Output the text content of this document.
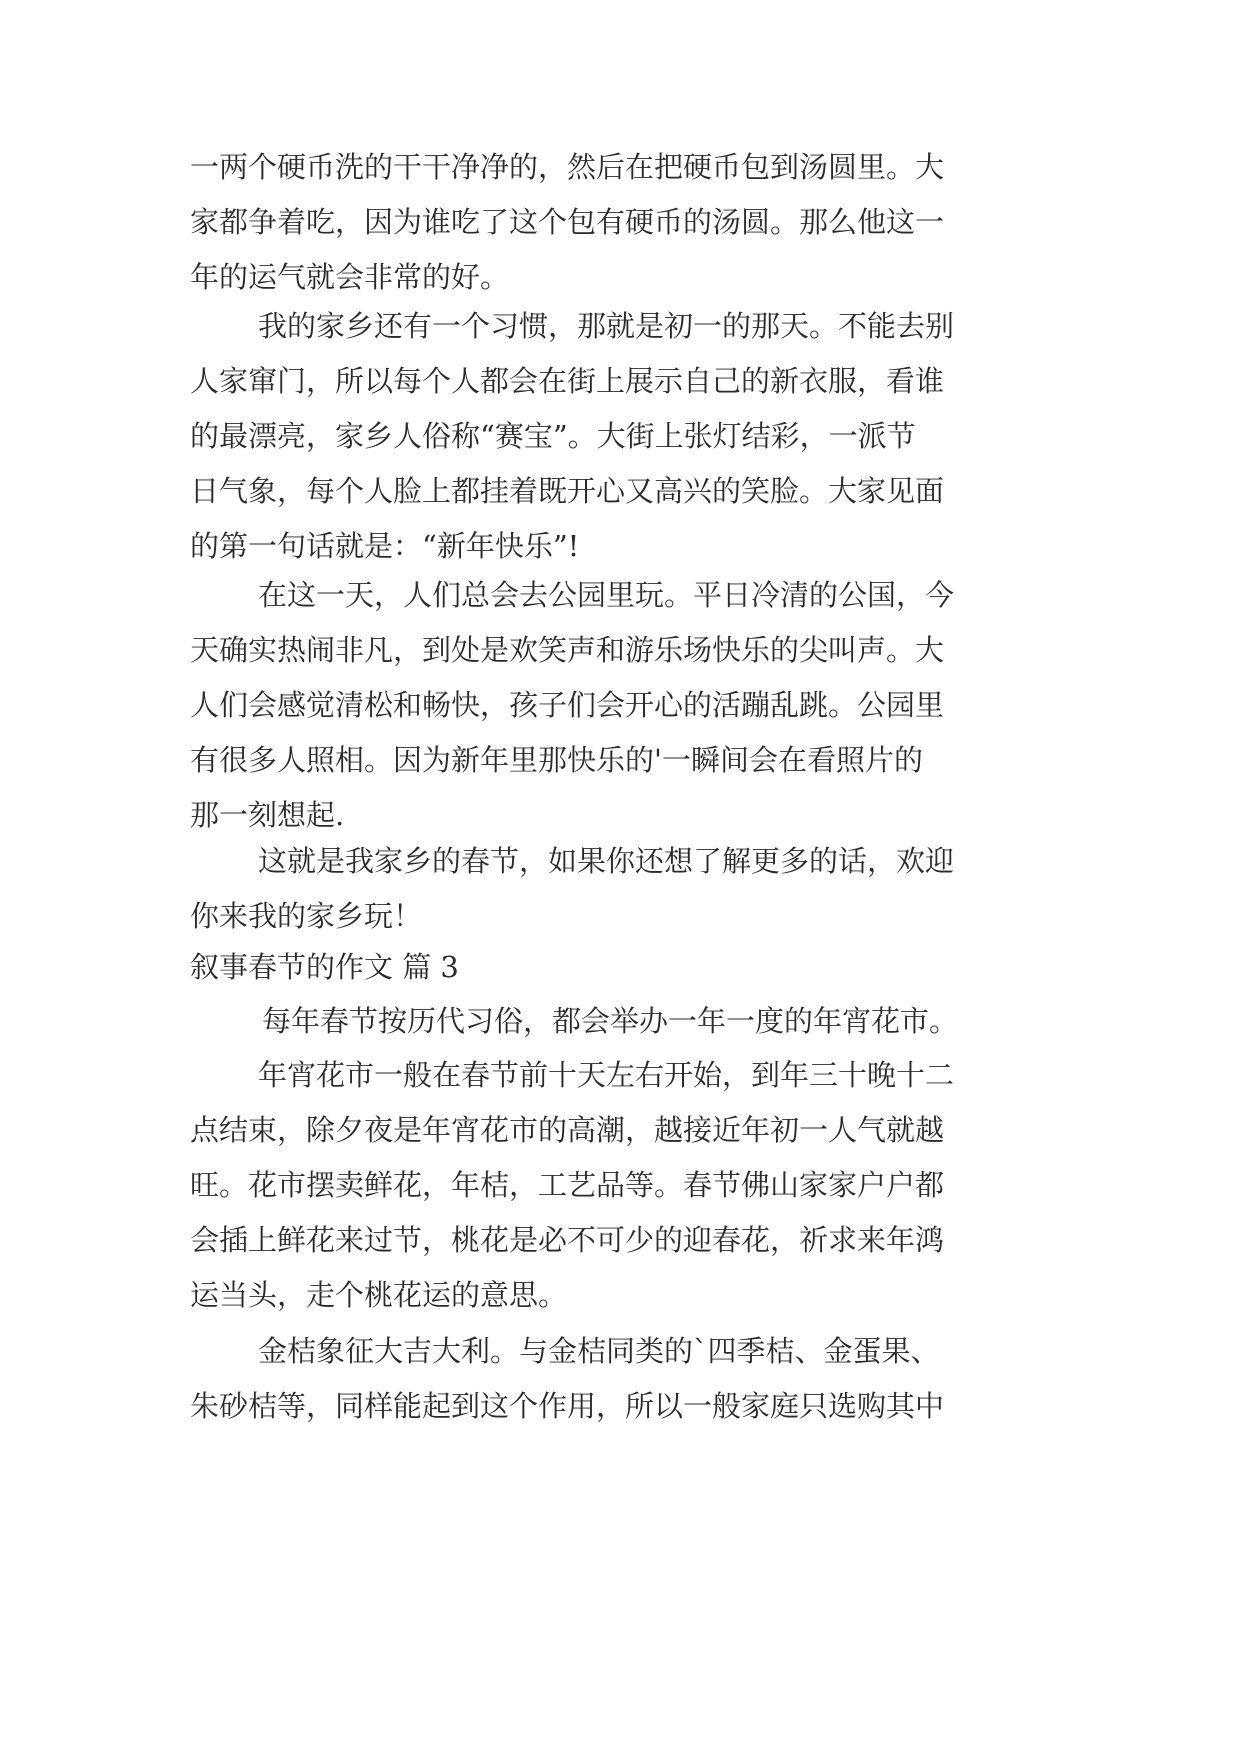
一两个硬币洗的干干净净的，然后在把硬币包到汤圆里。大
家都争着吃，因为谁吃了这个包有硬币的汤圆。那么他这一
年的运气就会非常的好。
我的家乡还有一个习惯，那就是初一的那天。不能去别
人家窜门，所以每个人都会在街上展示自己的新衣服，看谁
的最漂亮，家乡人俗称“赛宝”。大街上张灯结彩，一派节
日气象，每个人脸上都挂着既开心又高兴的笑脸。大家见面
的第一句话就是：“新年快乐”!
在这一天，人们总会去公园里玩。平日冷清的公国，今
天确实热闹非凡，到处是欢笑声和游乐场快乐的尖叫声。大
人们会感觉清松和畅快，孩子们会开心的活蹦乱跳。公园里
有很多人照相。因为新年里那快乐的'一瞬间会在看照片的
那一刻想起.
这就是我家乡的春节，如果你还想了解更多的话，欢迎
你来我的家乡玩！
叙事春节的作文 篇 3
每年春节按历代习俗，都会举办一年一度的年宵花市。
年宵花市一般在春节前十天左右开始，到年三十晚十二
点结束，除夕夜是年宵花市的高潮，越接近年初一人气就越
旺。花市摆卖鲜花，年桔，工艺品等。春节佛山家家户户都
会插上鲜花来过节，桃花是必不可少的迎春花，祈求来年鸿
运当头，走个桃花运的意思。
金桔象征大吉大利。与金桔同类的`四季桔、金蛋果、
朱砂桔等，同样能起到这个作用，所以一般家庭只选购其中
